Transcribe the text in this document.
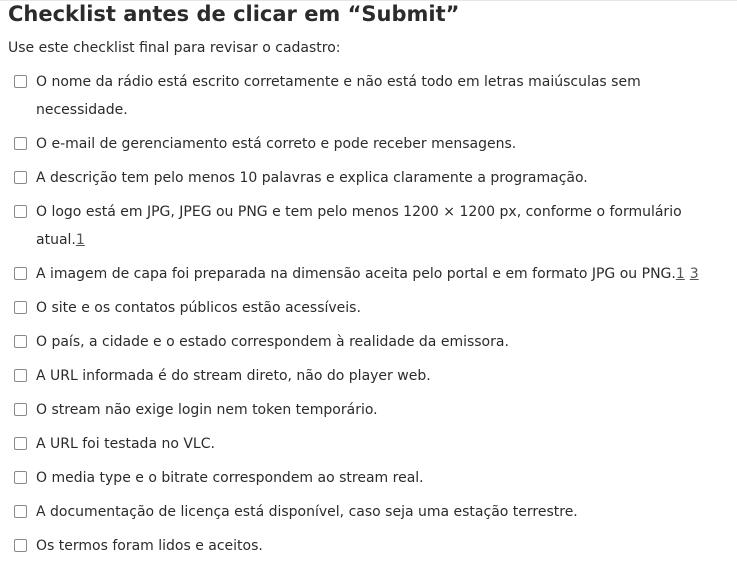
Checklist antes de clicar em “Submit”

Use este checklist final para revisar o cadastro:

O nome da rádio está escrito corretamente e não está todo em letras maiúsculas sem necessidade.
O e-mail de gerenciamento está correto e pode receber mensagens.
A descrição tem pelo menos 10 palavras e explica claramente a programação.
O logo está em JPG, JPEG ou PNG e tem pelo menos 1200 × 1200 px, conforme o formulário atual.1
A imagem de capa foi preparada na dimensão aceita pelo portal e em formato JPG ou PNG.1 3
O site e os contatos públicos estão acessíveis.
O país, a cidade e o estado correspondem à realidade da emissora.
A URL informada é do stream direto, não do player web.
O stream não exige login nem token temporário.
A URL foi testada no VLC.
O media type e o bitrate correspondem ao stream real.
A documentação de licença está disponível, caso seja uma estação terrestre.
Os termos foram lidos e aceitos.
